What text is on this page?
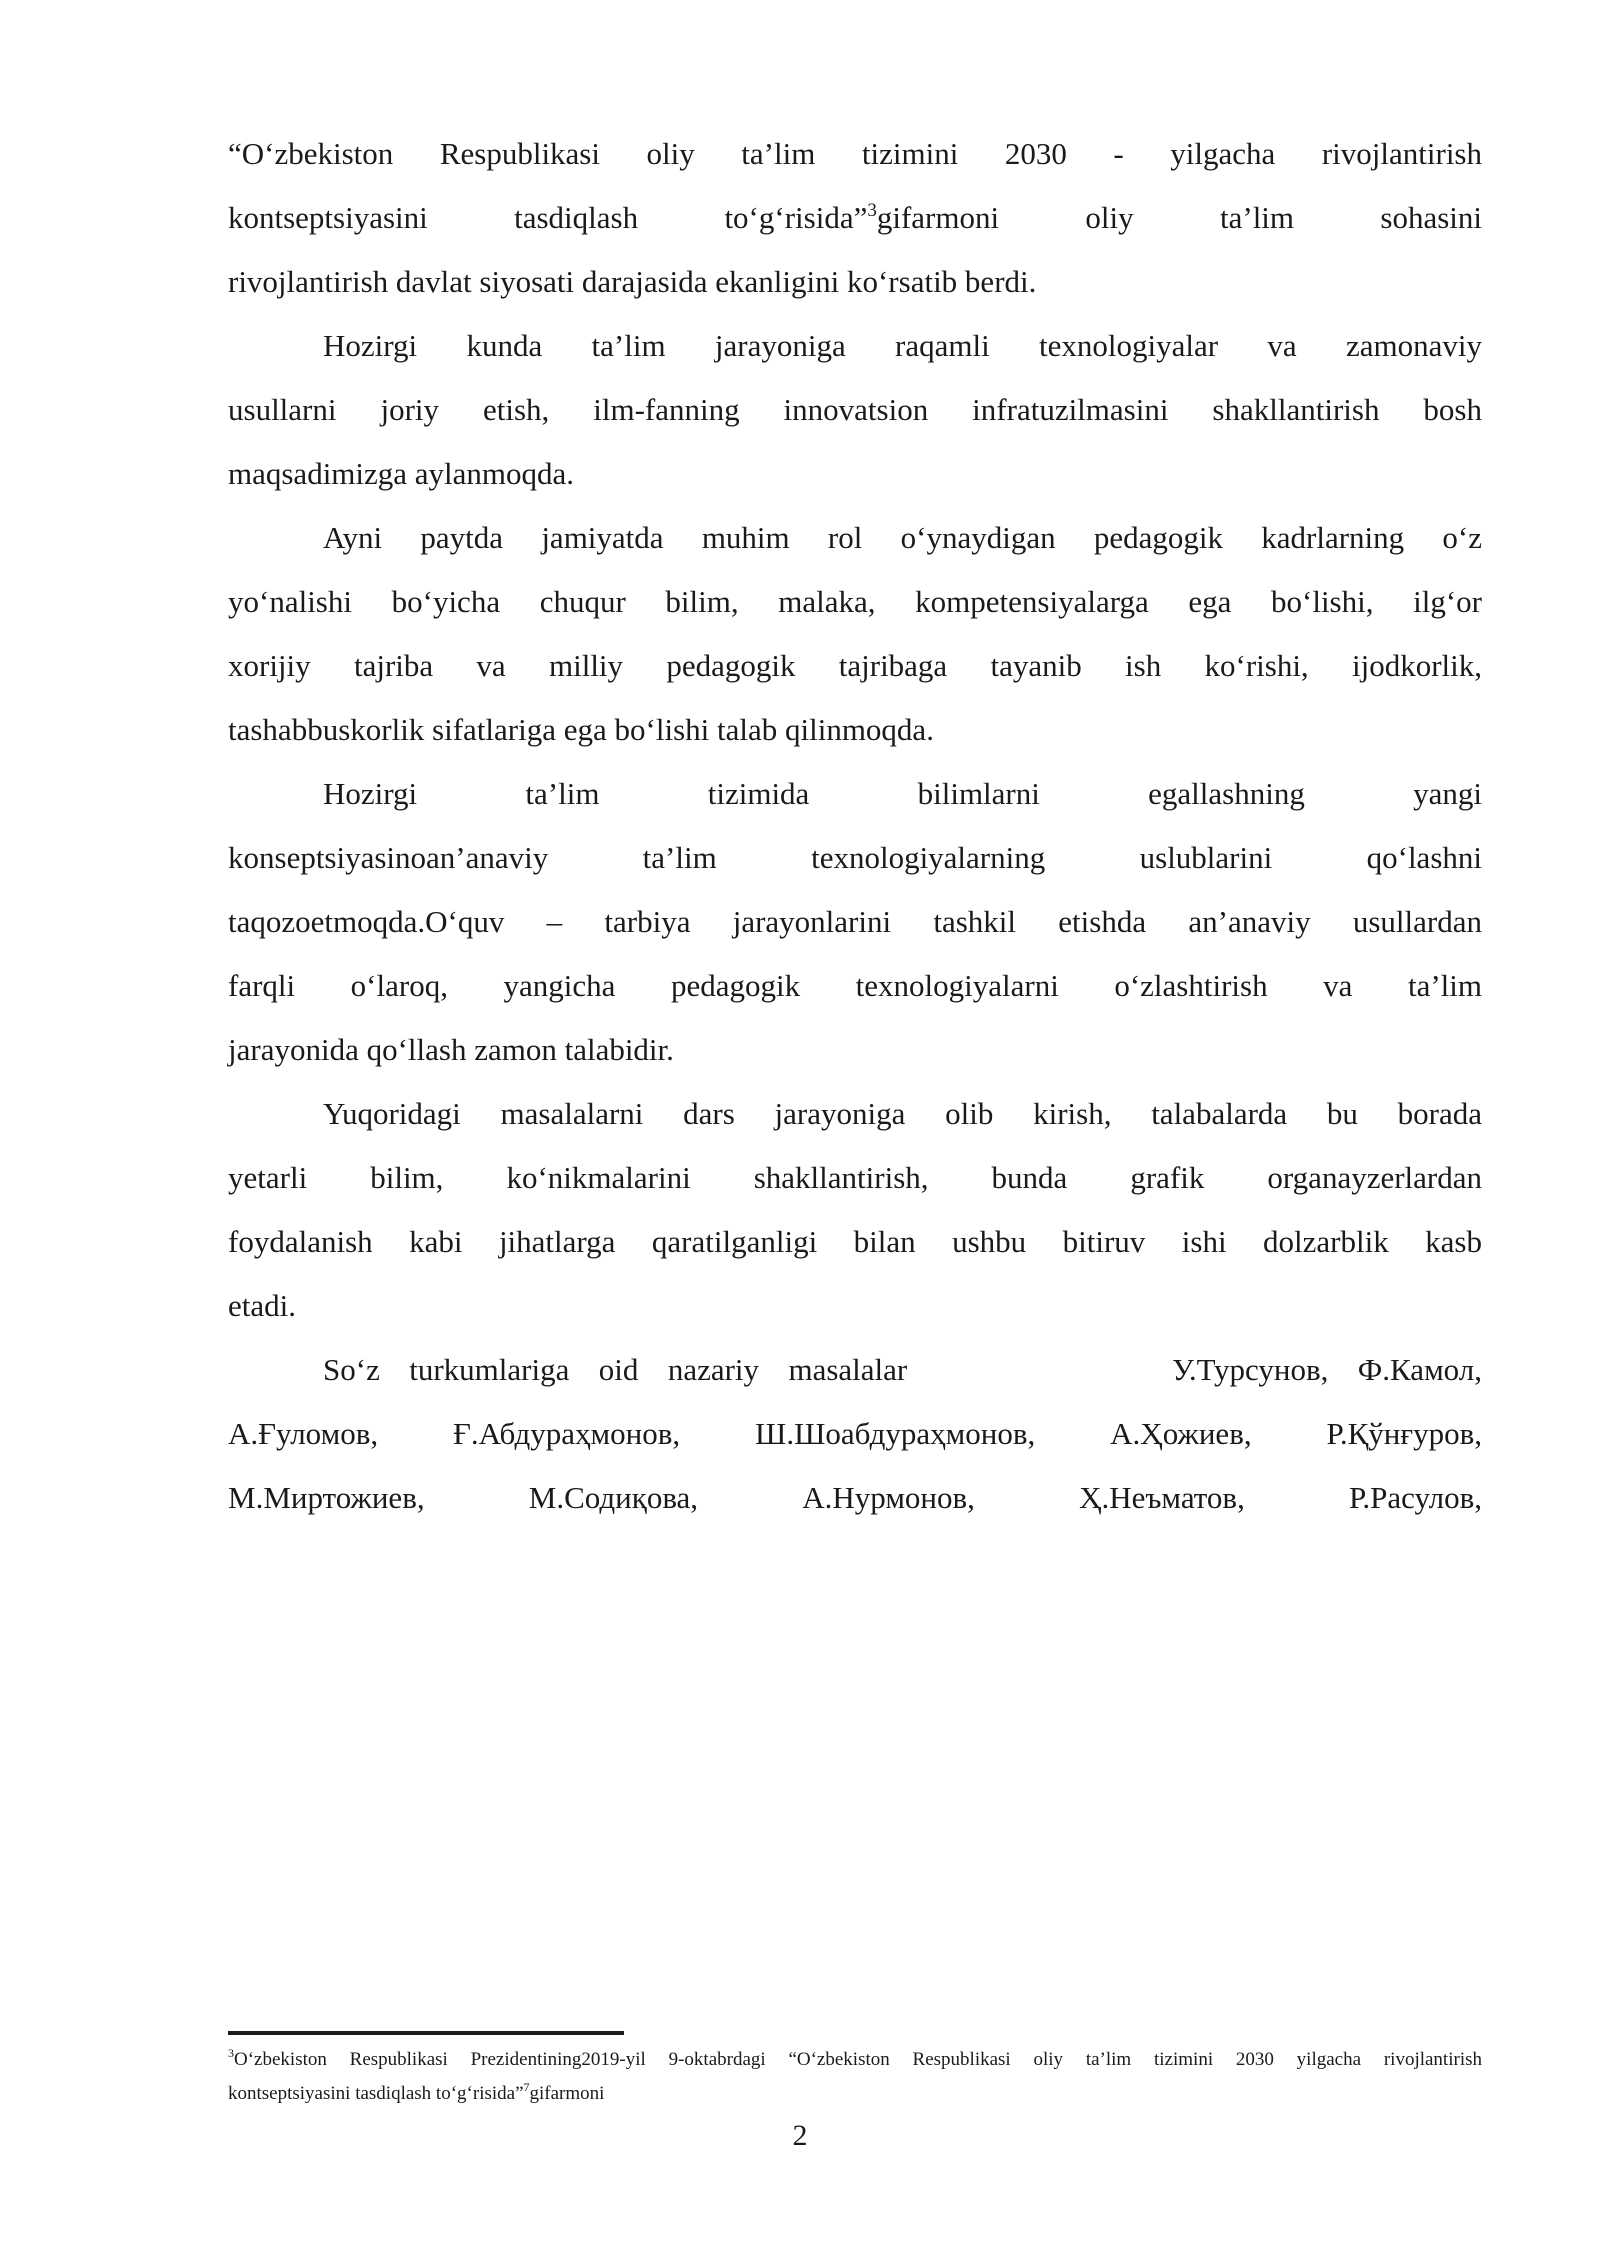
“O‘zbekiston Respublikasi oliy ta’lim tizimini 2030 - yilgacha rivojlantirish
kontseptsiyasini tasdiqlash to‘g‘risida”$^3$gifarmoni oliy ta’lim sohasini
rivojlantirish davlat siyosati darajasida ekanligini ko‘rsatib berdi.
Hozirgi kunda ta’lim jarayoniga raqamli texnologiyalar va zamonaviy
usullarni joriy etish, ilm-fanning innovatsion infratuzilmasini shakllantirish bosh
maqsadimizga aylanmoqda.
Ayni paytda jamiyatda muhim rol o‘ynaydigan pedagogik kadrlarning o‘z
yo‘nalishi bo‘yicha chuqur bilim, malaka, kompetensiyalarga ega bo‘lishi, ilg‘or
xorijiy tajriba va milliy pedagogik tajribaga tayanib ish ko‘rishi, ijodkorlik,
tashabbuskorlik sifatlariga ega bo‘lishi talab qilinmoqda.
Hozirgi ta’lim tizimida bilimlarni egallashning yangi
konseptsiyasinoan’anaviy ta’lim texnologiyalarning uslublarini qo‘lashni
taqozoetmoqda.O‘quv – tarbiya jarayonlarini tashkil etishda an’anaviy usullardan
farqli o‘laroq, yangicha pedagogik texnologiyalarni o‘zlashtirish va ta’lim
jarayonida qo‘llash zamon talabidir.
Yuqoridagi masalalarni dars jarayoniga olib kirish, talabalarda bu borada
yetarli bilim, ko‘nikmalarini shakllantirish, bunda grafik organayzerlardan
foydalanish kabi jihatlarga qaratilganligi bilan ushbu bitiruv ishi dolzarblik kasb
etadi.
So‘z turkumlariga oid nazariy masalalar         У.Турсунов, Ф.Камол,
А.Ғуломов, Ғ.Абдураҳмонов, Ш.Шоабдураҳмонов, А.Ҳожиев, Р.Қўнғуров,
М.Миртожиев, М.Содиқова, А.Нурмонов, Ҳ.Неъматов, Р.Расулов,
$^3$O‘zbekiston Respublikasi Prezidentining2019-yil 9-oktabrdagi “O‘zbekiston Respublikasi oliy ta’lim tizimini 2030 yilgacha rivojlantirish
kontseptsiyasini tasdiqlash to‘g‘risida”$^7$gifarmoni
2
